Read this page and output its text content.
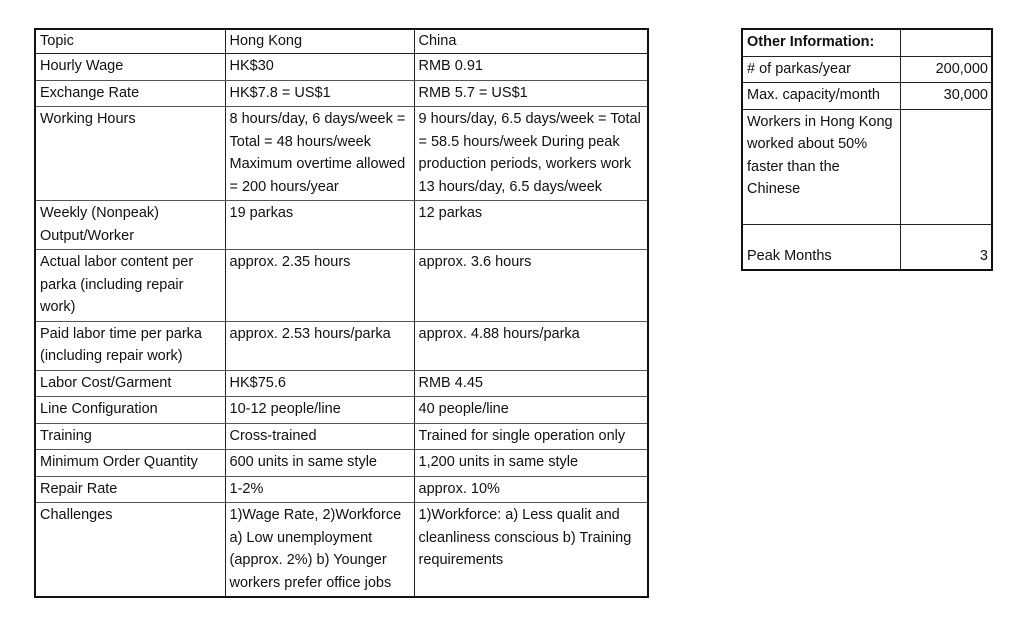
Topic	Hong Kong	China
Hourly Wage	HK$30	RMB 0.91
Exchange Rate	HK$7.8 = US$1	RMB 5.7 = US$1
Working Hours	8 hours/day, 6 days/week = Total = 48 hours/week Maximum overtime allowed = 200 hours/year	9 hours/day, 6.5 days/week = Total = 58.5 hours/week During peak production periods, workers work 13 hours/day, 6.5 days/week
Weekly (Nonpeak) Output/Worker	19 parkas	12 parkas
Actual labor content per parka (including repair work)	approx. 2.35 hours	approx. 3.6 hours
Paid labor time per parka (including repair work)	approx. 2.53 hours/parka	approx. 4.88 hours/parka
Labor Cost/Garment	HK$75.6	RMB 4.45
Line Configuration	10-12 people/line	40 people/line
Training	Cross-trained	Trained for single operation only
Minimum Order Quantity	600 units in same style	1,200 units in same style
Repair Rate	1-2%	approx. 10%
Challenges	1)Wage Rate, 2)Workforce a) Low unemployment (approx. 2%) b) Younger workers prefer office jobs	1)Workforce: a) Less qualit and cleanliness conscious b) Training requirements
Other Information:	
# of parkas/year	200,000
Max. capacity/month	30,000
Workers in Hong Kong worked about 50% faster than the Chinese	
Peak Months	3
